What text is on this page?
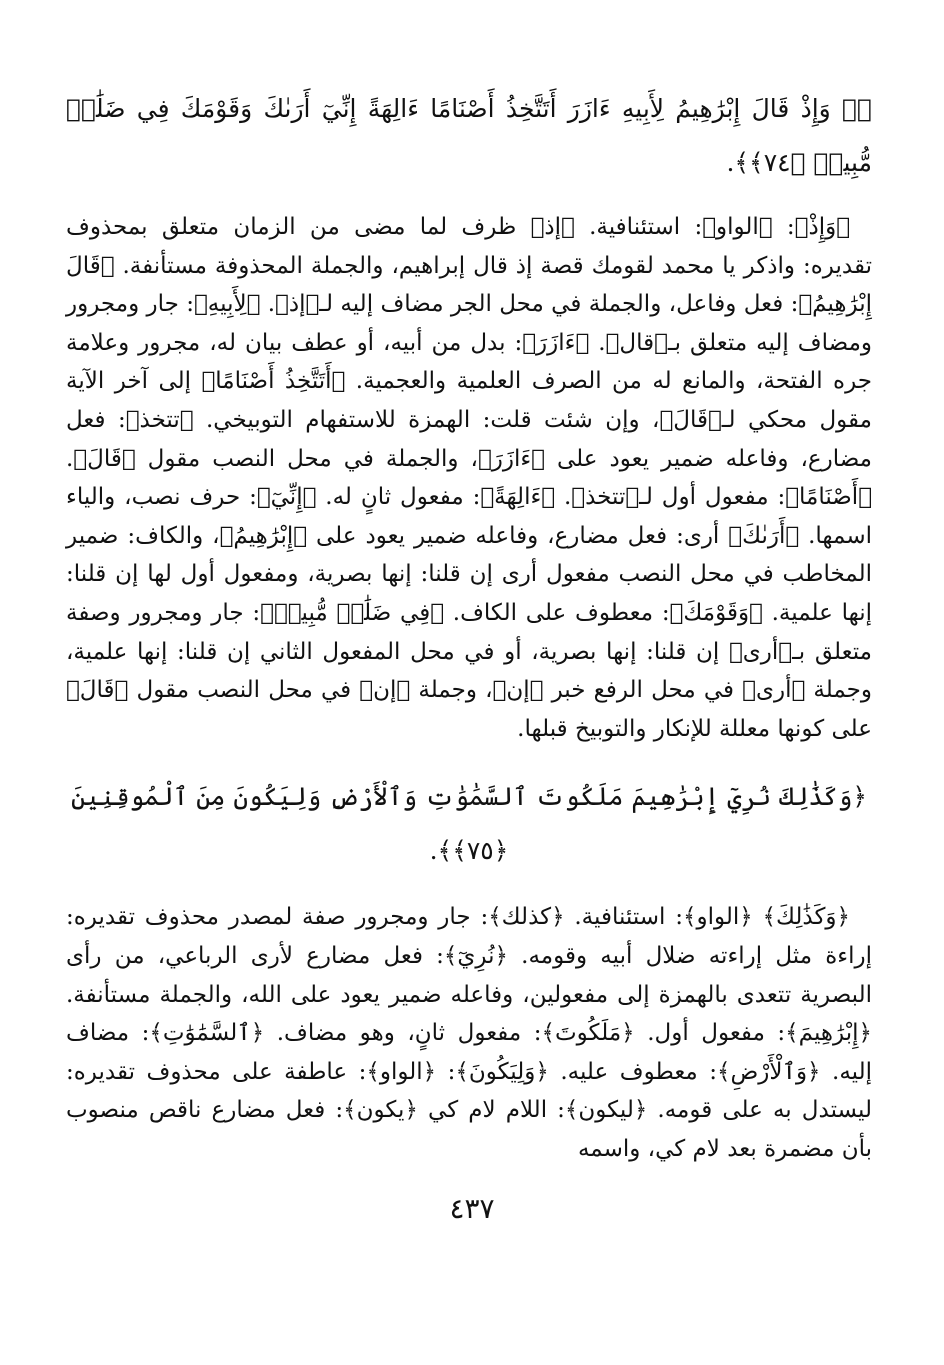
﴿۞ وَإِذْ قَالَ إِبْرَٰهِيمُ لِأَبِيهِ ءَازَرَ أَتَتَّخِذُ أَصْنَامًا ءَالِهَةً إِنِّيٓ أَرَىٰكَ وَقَوْمَكَ فِي ضَلَٰلٖ مُّبِينٖ ﴿٧٤﴾﴾.

﴿وَإِذْ﴾: ﴿الواو﴾: استئنافية. ﴿إذ﴾ ظرف لما مضى من الزمان متعلق بمحذوف تقديره: واذكر يا محمد لقومك قصة إذ قال إبراهيم، والجملة المحذوفة مستأنفة. ﴿قَالَ إِبْرَٰهِيمُ﴾: فعل وفاعل، والجملة في محل الجر مضاف إليه لـ﴿إذ﴾. ﴿لِأَبِيهِ﴾: جار ومجرور ومضاف إليه متعلق بـ﴿قال﴾. ﴿ءَازَرَ﴾: بدل من أبيه، أو عطف بيان له، مجرور وعلامة جره الفتحة، والمانع له من الصرف العلمية والعجمية. ﴿أَتَتَّخِذُ أَصْنَامًا﴾ إلى آخر الآية مقول محكي لـ﴿قَالَ﴾، وإن شئت قلت: الهمزة للاستفهام التوبيخي. ﴿تتخذ﴾: فعل مضارع، وفاعله ضمير يعود على ﴿ءَازَرَ﴾، والجملة في محل النصب مقول ﴿قَالَ﴾. ﴿أَصْنَامًا﴾: مفعول أول لـ﴿تتخذ﴾. ﴿ءَالِهَةً﴾: مفعول ثانٍ له. ﴿إِنِّيٓ﴾: حرف نصب، والياء اسمها. ﴿أَرَىٰكَ﴾ أرى: فعل مضارع، وفاعله ضمير يعود على ﴿إِبْرَٰهِيمُ﴾، والكاف: ضمير المخاطب في محل النصب مفعول أرى إن قلنا: إنها بصرية، ومفعول أول لها إن قلنا: إنها علمية. ﴿وَقَوْمَكَ﴾: معطوف على الكاف. ﴿فِي ضَلَٰلٖ مُّبِينٖ﴾: جار ومجرور وصفة متعلق بـ﴿أرى﴾ إن قلنا: إنها بصرية، أو في محل المفعول الثاني إن قلنا: إنها علمية، وجملة ﴿أرى﴾ في محل الرفع خبر ﴿إن﴾، وجملة ﴿إن﴾ في محل النصب مقول ﴿قَالَ﴾ على كونها معللة للإنكار والتوبيخ قبلها.

﴿وَكَذَٰلِكَ نُرِيٓ إِبْرَٰهِيمَ مَلَكُوتَ ٱلسَّمَٰوَٰتِ وَٱلْأَرْضِ وَلِيَكُونَ مِنَ ٱلْمُوقِنِينَ ﴿٧٥﴾﴾.

﴿وَكَذَٰلِكَ﴾ ﴿الواو﴾: استئنافية. ﴿كذلك﴾: جار ومجرور صفة لمصدر محذوف تقديره: إراءة مثل إراءته ضلال أبيه وقومه. ﴿نُرِيٓ﴾: فعل مضارع لأرى الرباعي، من رأى البصرية تتعدى بالهمزة إلى مفعولين، وفاعله ضمير يعود على الله، والجملة مستأنفة. ﴿إِبْرَٰهِيمَ﴾: مفعول أول. ﴿مَلَكُوتَ﴾: مفعول ثانٍ، وهو مضاف. ﴿ٱلسَّمَٰوَٰتِ﴾: مضاف إليه. ﴿وَٱلْأَرْضِ﴾: معطوف عليه. ﴿وَلِيَكُونَ﴾: ﴿الواو﴾: عاطفة على محذوف تقديره: ليستدل به على قومه. ﴿ليكون﴾: اللام لام كي ﴿يكون﴾: فعل مضارع ناقص منصوب بأن مضمرة بعد لام كي، واسمه

٤٣٧
